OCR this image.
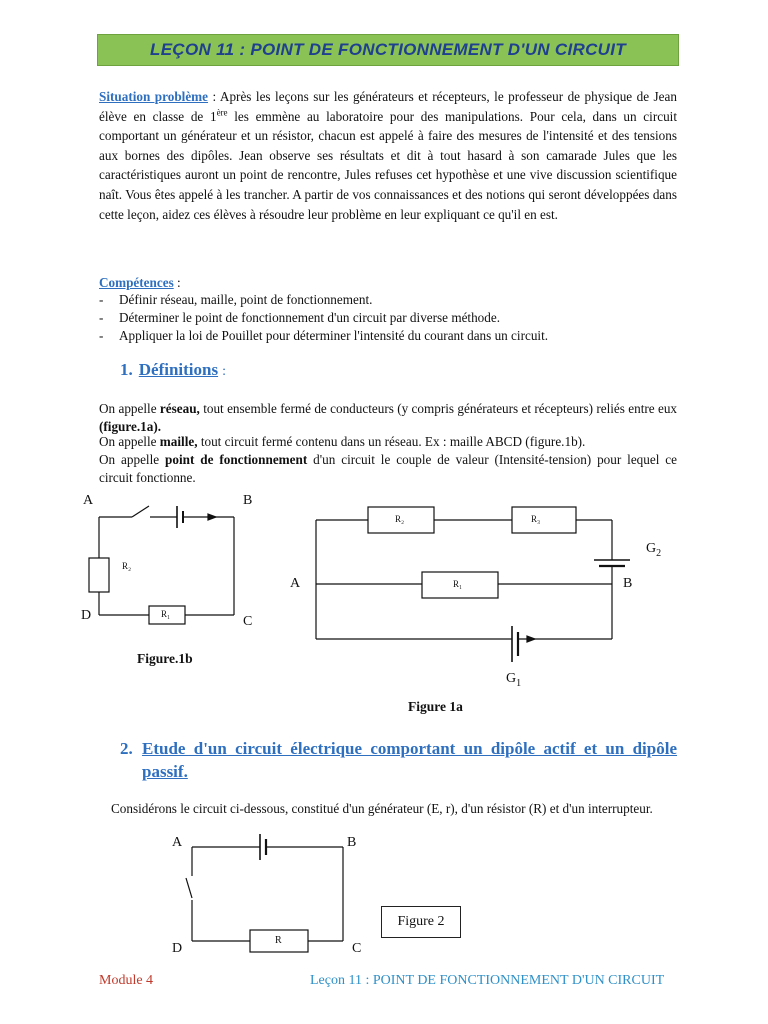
LEÇON 11 : POINT DE FONCTIONNEMENT D'UN CIRCUIT

Situation problème : Après les leçons sur les générateurs et récepteurs, le professeur de physique de Jean élève en classe de 1ère les emmène au laboratoire pour des manipulations. Pour cela, dans un circuit comportant un générateur et un résistor, chacun est appelé à faire des mesures de l'intensité et des tensions aux bornes des dipôles. Jean observe ses résultats et dit à tout hasard à son camarade Jules que les caractéristiques auront un point de rencontre, Jules refuses cet hypothèse et une vive discussion scientifique naît. Vous êtes appelé à les trancher. A partir de vos connaissances et des notions qui seront développées dans cette leçon, aidez ces élèves à résoudre leur problème en leur expliquant ce qu'il en est.

Compétences :

- Définir réseau, maille, point de fonctionnement.
- Déterminer le point de fonctionnement d'un circuit par diverse méthode.
- Appliquer la loi de Pouillet pour déterminer l'intensité du courant dans un circuit.
1. Définitions :

On appelle réseau, tout ensemble fermé de conducteurs (y compris générateurs et récepteurs) reliés entre eux (figure.1a).

On appelle maille, tout circuit fermé contenu dans un réseau. Ex : maille ABCD (figure.1b).

On appelle point de fonctionnement d'un circuit le couple de valeur (Intensité-tension) pour lequel ce circuit fonctionne.

A	B
C
D
R₂
R₁
Figure.1b
R₂	R₃
R₁
A	B
$G_2$
$G_1$
Figure 1a
2. Etude d'un circuit électrique comportant un dipôle actif et un dipôle passif.

Considérons le circuit ci-dessous, constitué d'un générateur (E, r), d'un résistor (R) et d'un interrupteur.

A	B
C
D
R
Figure 2
Module 4	Leçon 11 : POINT DE FONCTIONNEMENT D'UN CIRCUIT
